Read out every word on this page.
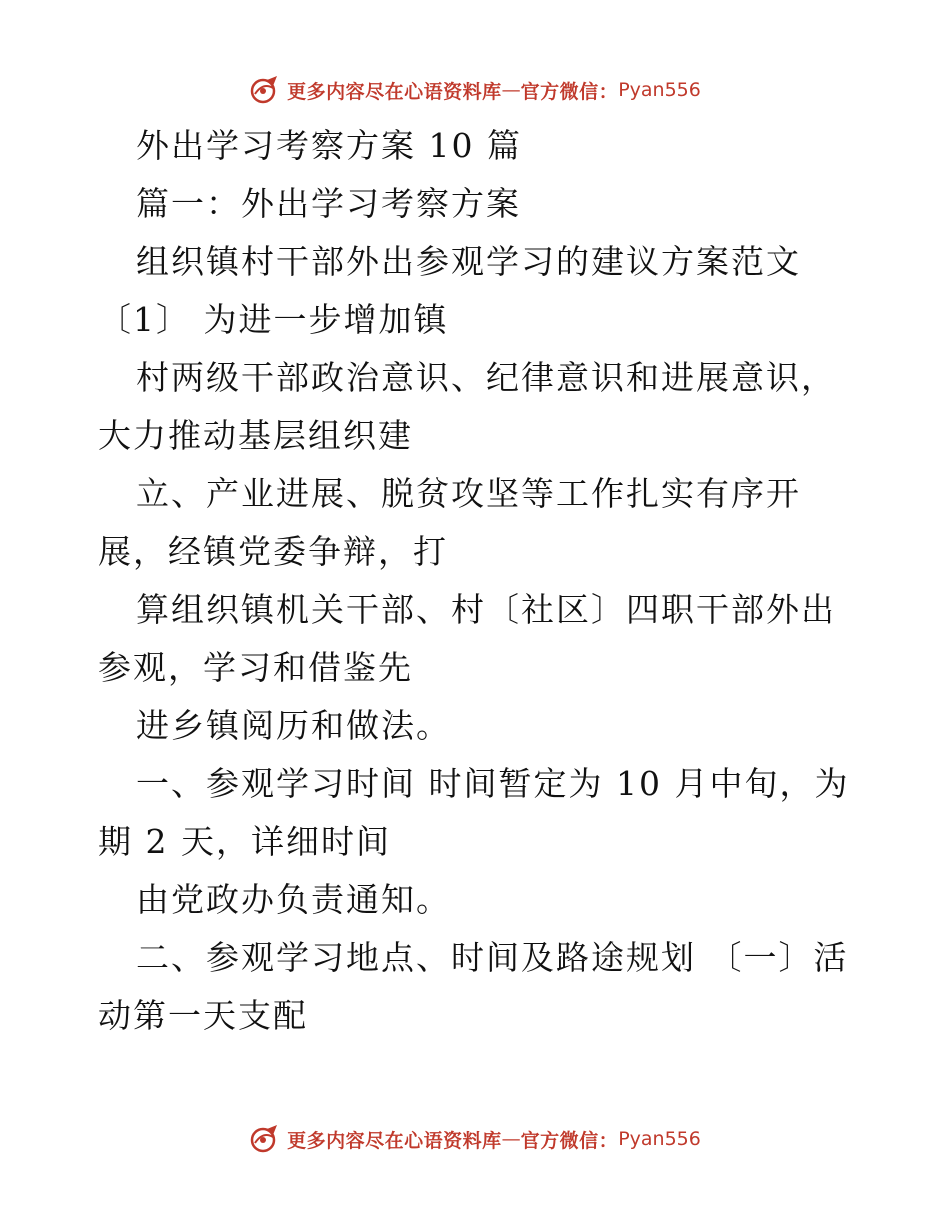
更多内容尽在心语资料库 — 官方微信： Pyan556

外出学习考察方案 10 篇

篇一：外出学习考察方案

组织镇村干部外出参观学习的建议方案范文

〔1〕 为进一步增加镇

村两级干部政治意识、纪律意识和进展意识，大力推动基层组织建

立、产业进展、脱贫攻坚等工作扎实有序开展，经镇党委争辩，打

算组织镇机关干部、村〔社区〕四职干部外出参观，学习和借鉴先

进乡镇阅历和做法。

一、参观学习时间 时间暂定为 10 月中旬，为期 2 天，详细时间

由党政办负责通知。

二、参观学习地点、时间及路途规划 〔一〕活动第一天支配

更多内容尽在心语资料库 — 官方微信： Pyan556
